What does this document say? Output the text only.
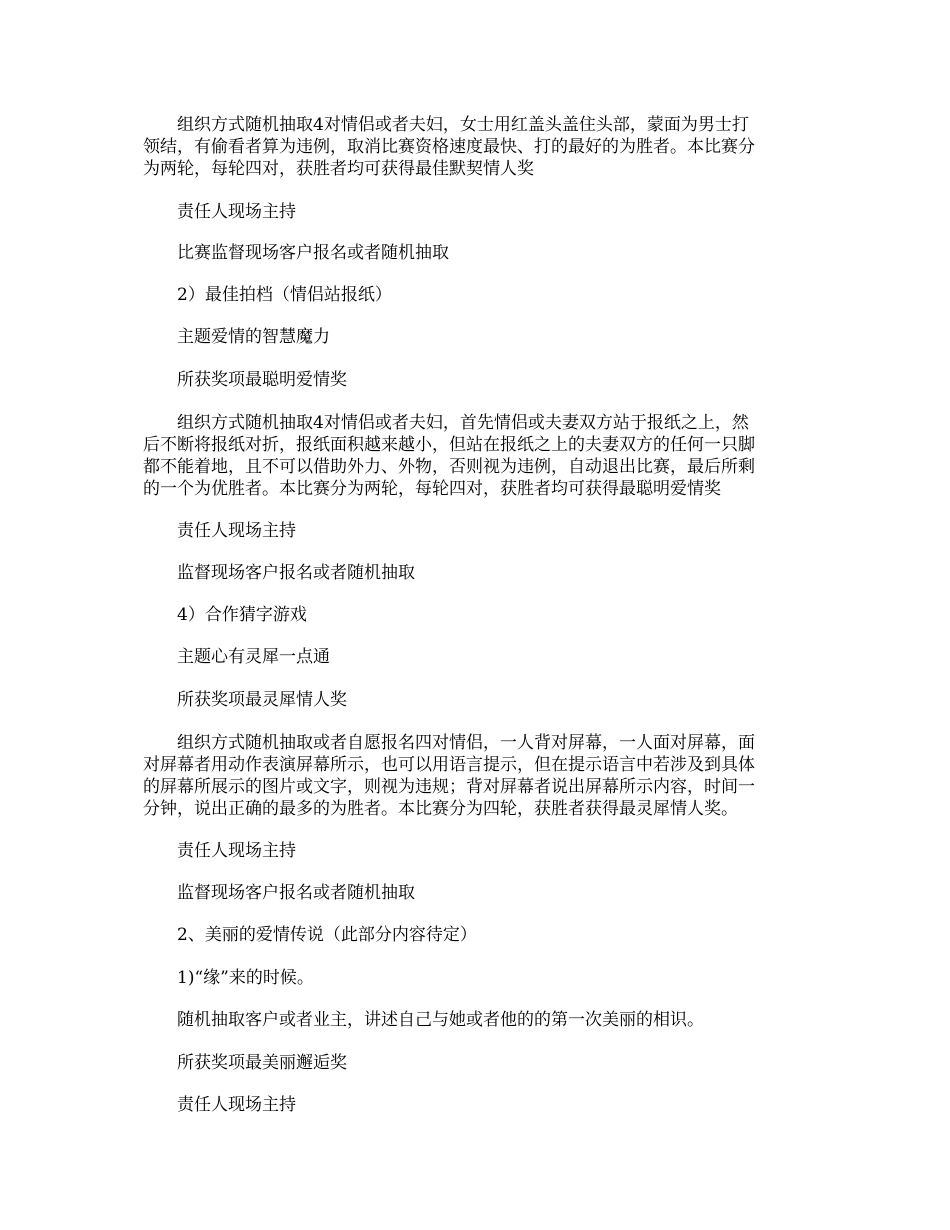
组织方式随机抽取4对情侣或者夫妇，女士用红盖头盖住头部，蒙面为男士打
领结，有偷看者算为违例，取消比赛资格速度最快、打的最好的为胜者。本比赛分
为两轮，每轮四对，获胜者均可获得最佳默契情人奖
责任人现场主持
比赛监督现场客户报名或者随机抽取
2）最佳拍档（情侣站报纸）
主题爱情的智慧魔力
所获奖项最聪明爱情奖
组织方式随机抽取4对情侣或者夫妇，首先情侣或夫妻双方站于报纸之上，然
后不断将报纸对折，报纸面积越来越小，但站在报纸之上的夫妻双方的任何一只脚
都不能着地，且不可以借助外力、外物，否则视为违例，自动退出比赛，最后所剩
的一个为优胜者。本比赛分为两轮，每轮四对，获胜者均可获得最聪明爱情奖
责任人现场主持
监督现场客户报名或者随机抽取
4）合作猜字游戏
主题心有灵犀一点通
所获奖项最灵犀情人奖
组织方式随机抽取或者自愿报名四对情侣，一人背对屏幕，一人面对屏幕，面
对屏幕者用动作表演屏幕所示，也可以用语言提示，但在提示语言中若涉及到具体
的屏幕所展示的图片或文字，则视为违规；背对屏幕者说出屏幕所示内容，时间一
分钟，说出正确的最多的为胜者。本比赛分为四轮，获胜者获得最灵犀情人奖。
责任人现场主持
监督现场客户报名或者随机抽取
2、美丽的爱情传说（此部分内容待定）
1)“缘”来的时候。
随机抽取客户或者业主，讲述自己与她或者他的的第一次美丽的相识。
所获奖项最美丽邂逅奖
责任人现场主持
